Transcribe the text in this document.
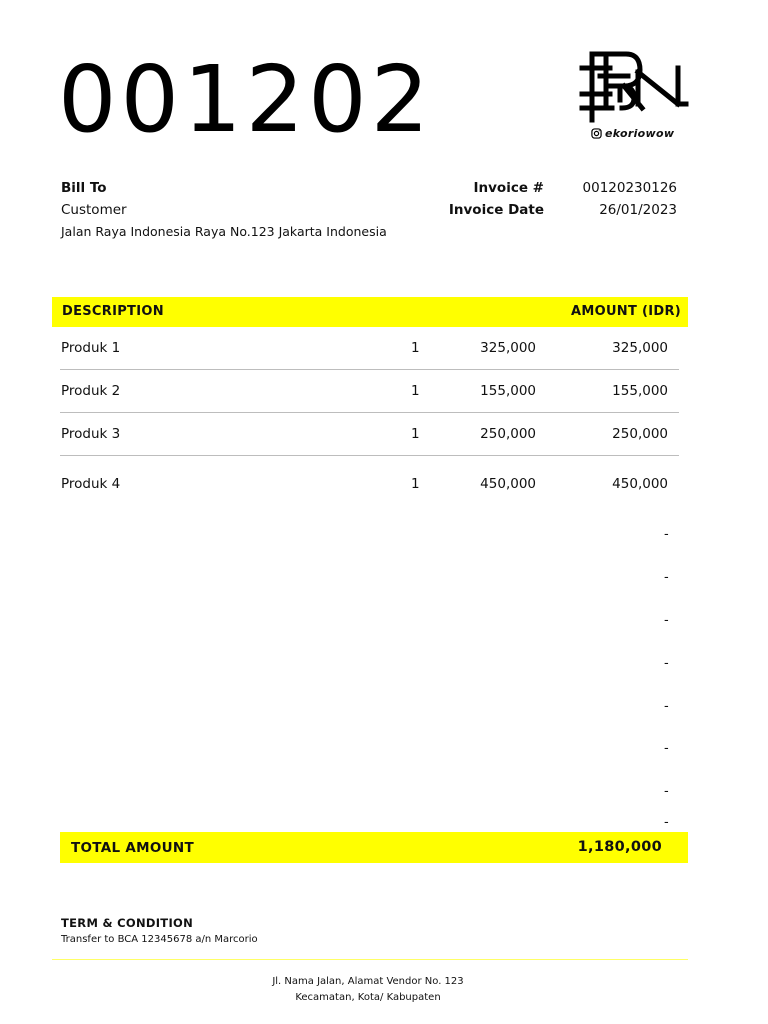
001202	ekoriowow
Bill To
Customer
Jalan Raya Indonesia Raya No.123 Jakarta Indonesia
Invoice #	00120230126
Invoice Date	26/01/2023
DESCRIPTION	AMOUNT (IDR)
Produk 1	1	325,000	325,000
Produk 2	1	155,000	155,000
Produk 3	1	250,000	250,000
Produk 4	1	450,000	450,000
-
-
-
-
-
-
-
-
TOTAL AMOUNT	1,180,000
TERM & CONDITION
Transfer to BCA 12345678 a/n Marcorio
Jl. Nama Jalan, Alamat Vendor No. 123
Kecamatan, Kota/ Kabupaten
